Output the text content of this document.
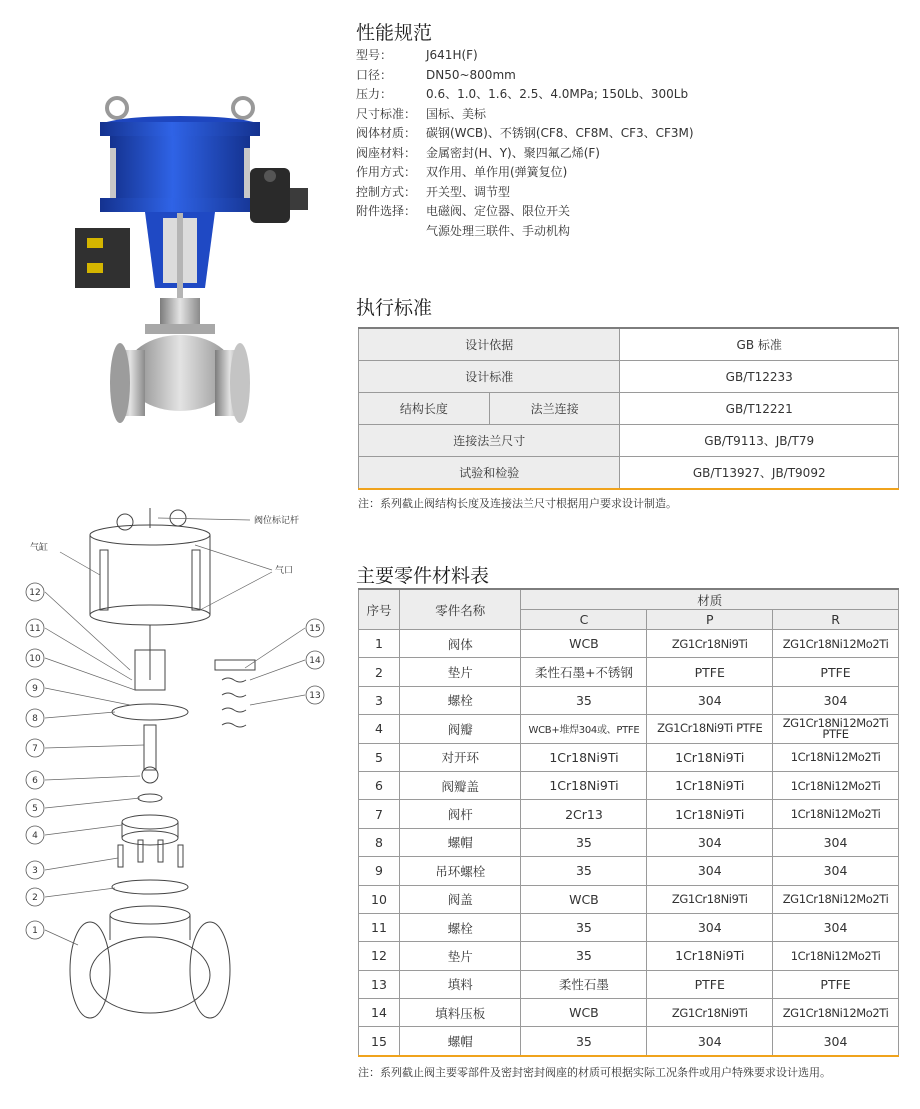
阀位标记杆
气缸
气口
1
2
3
4
5
6
7
8
9
10
11
12
13
14
15
性能规范
型号：	J641H(F)
口径：	DN50~800mm
压力：	0.6、1.0、1.6、2.5、4.0MPa; 150Lb、300Lb
尺寸标准： 国标、美标
阀体材质： 碳钢(WCB)、不锈钢(CF8、CF8M、CF3、CF3M)
阀座材料： 金属密封(H、Y)、聚四氟乙烯(F)
作用方式： 双作用、单作用(弹簧复位)
控制方式： 开关型、调节型
附件选择： 电磁阀、定位器、限位开关
气源处理三联件、手动机构
执行标准
设计依据		GB 标准
设计标准		GB/T12233
结构长度	法兰连接	GB/T12221
连接法兰尺寸		GB/T9113、JB/T79
试验和检验		GB/T13927、JB/T9092
注：系列截止阀结构长度及连接法兰尺寸根据用户要求设计制造。
主要零件材料表
序号	零件名称	材质		
		C	P	R
1	阀体	WCB	ZG1Cr18Ni9Ti	ZG1Cr18Ni12Mo2Ti
2	垫片	柔性石墨+不锈钢	PTFE	PTFE
3	螺栓	35	304	304
4	阀瓣	WCB+堆焊304或、PTFE	ZG1Cr18Ni9Ti PTFE	ZG1Cr18Ni12Mo2Ti PTFE
5	对开环	1Cr18Ni9Ti	1Cr18Ni9Ti	1Cr18Ni12Mo2Ti
6	阀瓣盖	1Cr18Ni9Ti	1Cr18Ni9Ti	1Cr18Ni12Mo2Ti
7	阀杆	2Cr13	1Cr18Ni9Ti	1Cr18Ni12Mo2Ti
8	螺帽	35	304	304
9	吊环螺栓	35	304	304
10	阀盖	WCB	ZG1Cr18Ni9Ti	ZG1Cr18Ni12Mo2Ti
11	螺栓	35	304	304
12	垫片	35	1Cr18Ni9Ti	1Cr18Ni12Mo2Ti
13	填料	柔性石墨	PTFE	PTFE
14	填料压板	WCB	ZG1Cr18Ni9Ti	ZG1Cr18Ni12Mo2Ti
15	螺帽	35	304	304
注：系列截止阀主要零部件及密封密封阀座的材质可根据实际工况条件或用户特殊要求设计选用。
